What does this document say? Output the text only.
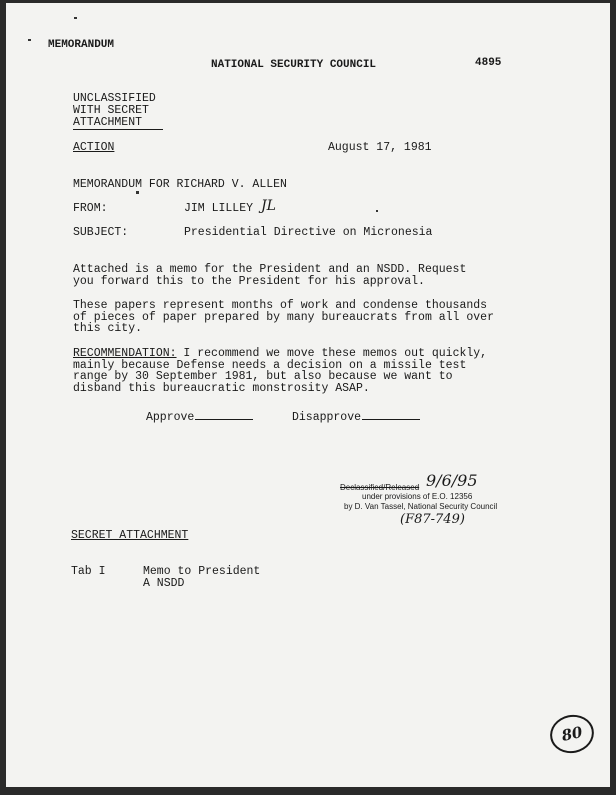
MEMORANDUM
NATIONAL SECURITY COUNCIL	4895
UNCLASSIFIED
WITH SECRET
ATTACHMENT
ACTION	August 17, 1981
MEMORANDUM FOR RICHARD V. ALLEN
FROM:	JIM LILLEY JL
SUBJECT:	Presidential Directive on Micronesia
Attached is a memo for the President and an NSDD. Request
you forward this to the President for his approval.
These papers represent months of work and condense thousands
of pieces of paper prepared by many bureaucrats from all over
this city.
RECOMMENDATION: I recommend we move these memos out quickly,
mainly because Defense needs a decision on a missile test
range by 30 September 1981, but also because we want to
disband this bureaucratic monstrosity ASAP.
Approve	Disapprove
Declassified/Released
under provisions of E.O. 12356
by D. Van Tassel, National Security Council
9/6/95
(F87-749)
SECRET ATTACHMENT
Tab I	Memo to President
A NSDD
80
